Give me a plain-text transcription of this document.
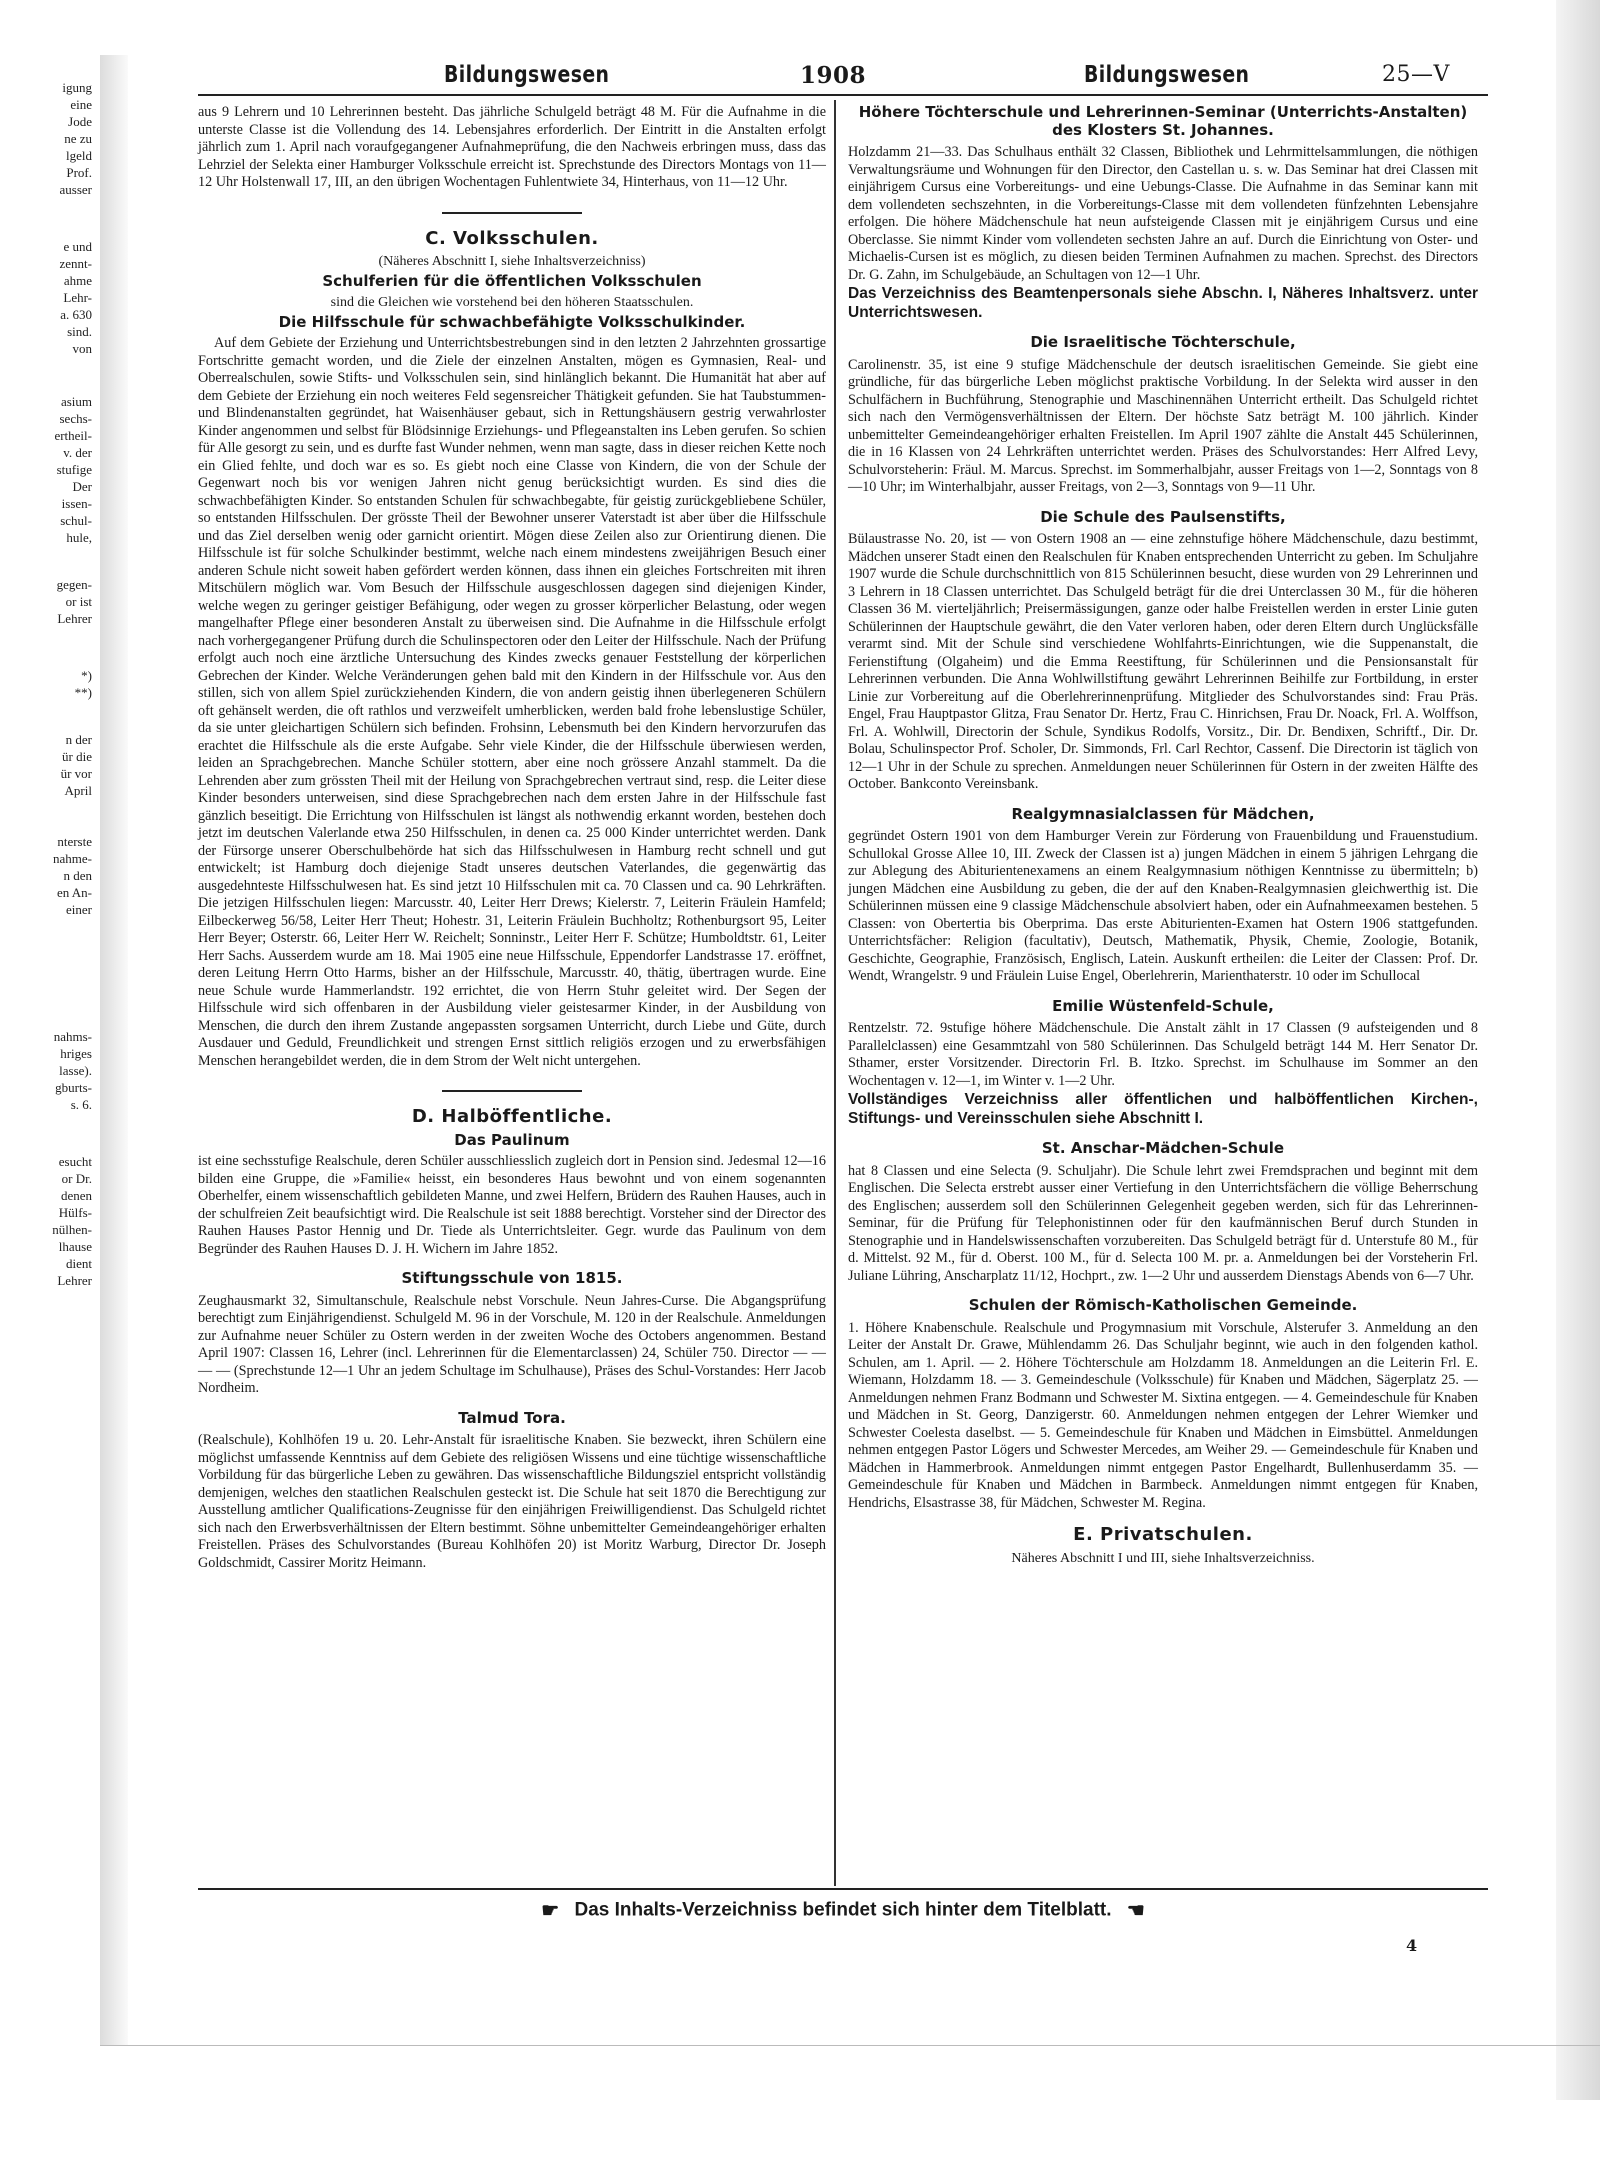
igung
eine
Jode
ne zu
lgeld
Prof.
ausser
e und
zennt-
ahme
Lehr-
a. 630
sind.
von
asium
sechs-
ertheil-
v. der
stufige
Der
issen-
schul-
hule,
gegen-
or ist
Lehrer
*)
**)
n der
ür die
ür vor
April
nterste
nahme-
n den
en An-
einer
nahms-
hriges
lasse).
gburts-
s. 6.
esucht
or Dr.
denen
Hülfs-
nülhen-
lhause
dient
Lehrer
Bildungswesen	1908	Bildungswesen	25—V

aus 9 Lehrern und 10 Lehrerinnen besteht. Das jährliche Schulgeld beträgt 48 M. Für die Aufnahme in die unterste Classe ist die Vollendung des 14. Lebensjahres erforderlich. Der Eintritt in die Anstalten erfolgt jährlich zum 1. April nach voraufgegangener Aufnahmeprüfung, die den Nachweis erbringen muss, dass das Lehrziel der Selekta einer Hamburger Volksschule erreicht ist. Sprechstunde des Directors Montags von 11—12 Uhr Holstenwall 17, III, an den übrigen Wochentagen Fuhlentwiete 34, Hinterhaus, von 11—12 Uhr.

C. Volksschulen.
(Näheres Abschnitt I, siehe Inhaltsverzeichniss)
Schulferien für die öffentlichen Volksschulen
sind die Gleichen wie vorstehend bei den höheren Staatsschulen.
Die Hilfsschule für schwachbefähigte Volksschulkinder.

Auf dem Gebiete der Erziehung und Unterrichtsbestrebungen sind in den letzten 2 Jahrzehnten grossartige Fortschritte gemacht worden, und die Ziele der einzelnen Anstalten, mögen es Gymnasien, Real- und Oberrealschulen, sowie Stifts- und Volksschulen sein, sind hinlänglich bekannt. Die Humanität hat aber auf dem Gebiete der Erziehung ein noch weiteres Feld segensreicher Thätigkeit gefunden. Sie hat Taubstummen- und Blindenanstalten gegründet, hat Waisenhäuser gebaut, sich in Rettungshäusern gestrig verwahrloster Kinder angenommen und selbst für Blödsinnige Erziehungs- und Pflegeanstalten ins Leben gerufen. So schien für Alle gesorgt zu sein, und es durfte fast Wunder nehmen, wenn man sagte, dass in dieser reichen Kette noch ein Glied fehlte, und doch war es so. Es giebt noch eine Classe von Kindern, die von der Schule der Gegenwart noch bis vor wenigen Jahren nicht genug berücksichtigt wurden. Es sind dies die schwachbefähigten Kinder. So entstanden Schulen für schwachbegabte, für geistig zurückgebliebene Schüler, so entstanden Hilfsschulen. Der grösste Theil der Bewohner unserer Vaterstadt ist aber über die Hilfsschule und das Ziel derselben wenig oder garnicht orientirt. Mögen diese Zeilen also zur Orientirung dienen. Die Hilfsschule ist für solche Schulkinder bestimmt, welche nach einem mindestens zweijährigen Besuch einer anderen Schule nicht soweit haben gefördert werden können, dass ihnen ein gleiches Fortschreiten mit ihren Mitschülern möglich war. Vom Besuch der Hilfsschule ausgeschlossen dagegen sind diejenigen Kinder, welche wegen zu geringer geistiger Befähigung, oder wegen zu grosser körperlicher Belastung, oder wegen mangelhafter Pflege einer besonderen Anstalt zu überweisen sind. Die Aufnahme in die Hilfsschule erfolgt nach vorhergegangener Prüfung durch die Schulinspectoren oder den Leiter der Hilfsschule. Nach der Prüfung erfolgt auch noch eine ärztliche Untersuchung des Kindes zwecks genauer Feststellung der körperlichen Gebrechen der Kinder. Welche Veränderungen gehen bald mit den Kindern in der Hilfsschule vor. Aus den stillen, sich von allem Spiel zurückziehenden Kindern, die von andern geistig ihnen überlegeneren Schülern oft gehänselt werden, die oft rathlos und verzweifelt umherblicken, werden bald frohe lebenslustige Schüler, da sie unter gleichartigen Schülern sich befinden. Frohsinn, Lebensmuth bei den Kindern hervorzurufen das erachtet die Hilfsschule als die erste Aufgabe. Sehr viele Kinder, die der Hilfsschule überwiesen werden, leiden an Sprachgebrechen. Manche Schüler stottern, aber eine noch grössere Anzahl stammelt. Da die Lehrenden aber zum grössten Theil mit der Heilung von Sprachgebrechen vertraut sind, resp. die Leiter diese Kinder besonders unterweisen, sind diese Sprachgebrechen nach dem ersten Jahre in der Hilfsschule fast gänzlich beseitigt. Die Errichtung von Hilfsschulen ist längst als nothwendig erkannt worden, bestehen doch jetzt im deutschen Valerlande etwa 250 Hilfsschulen, in denen ca. 25 000 Kinder unterrichtet werden. Dank der Fürsorge unserer Oberschulbehörde hat sich das Hilfsschulwesen in Hamburg recht schnell und gut entwickelt; ist Hamburg doch diejenige Stadt unseres deutschen Vaterlandes, die gegenwärtig das ausgedehnteste Hilfsschulwesen hat. Es sind jetzt 10 Hilfsschulen mit ca. 70 Classen und ca. 90 Lehrkräften. Die jetzigen Hilfsschulen liegen: Marcusstr. 40, Leiter Herr Drews; Kielerstr. 7, Leiterin Fräulein Hamfeld; Eilbeckerweg 56/58, Leiter Herr Theut; Hohestr. 31, Leiterin Fräulein Buchholtz; Rothenburgsort 95, Leiter Herr Beyer; Osterstr. 66, Leiter Herr W. Reichelt; Sonninstr., Leiter Herr F. Schütze; Humboldtstr. 61, Leiter Herr Sachs. Ausserdem wurde am 18. Mai 1905 eine neue Hilfsschule, Eppendorfer Landstrasse 17. eröffnet, deren Leitung Herrn Otto Harms, bisher an der Hilfsschule, Marcusstr. 40, thätig, übertragen wurde. Eine neue Schule wurde Hammerlandstr. 192 errichtet, die von Herrn Stuhr geleitet wird. Der Segen der Hilfsschule wird sich offenbaren in der Ausbildung vieler geistesarmer Kinder, in der Ausbildung von Menschen, die durch den ihrem Zustande angepassten sorgsamen Unterricht, durch Liebe und Güte, durch Ausdauer und Geduld, Freundlichkeit und strengen Ernst sittlich religiös erzogen und zu erwerbsfähigen Menschen herangebildet werden, die in dem Strom der Welt nicht untergehen.

D. Halböffentliche.
Das Paulinum

ist eine sechsstufige Realschule, deren Schüler ausschliesslich zugleich dort in Pension sind. Jedesmal 12—16 bilden eine Gruppe, die »Familie« heisst, ein besonderes Haus bewohnt und von einem sogenannten Oberhelfer, einem wissenschaftlich gebildeten Manne, und zwei Helfern, Brüdern des Rauhen Hauses, auch in der schulfreien Zeit beaufsichtigt wird. Die Realschule ist seit 1888 berechtigt. Vorsteher sind der Director des Rauhen Hauses Pastor Hennig und Dr. Tiede als Unterrichtsleiter. Gegr. wurde das Paulinum von dem Begründer des Rauhen Hauses D. J. H. Wichern im Jahre 1852.

Stiftungsschule von 1815.

Zeughausmarkt 32, Simultanschule, Realschule nebst Vorschule. Neun Jahres-Curse. Die Abgangsprüfung berechtigt zum Einjährigendienst. Schulgeld M. 96 in der Vorschule, M. 120 in der Realschule. Anmeldungen zur Aufnahme neuer Schüler zu Ostern werden in der zweiten Woche des Octobers angenommen. Bestand April 1907: Classen 16, Lehrer (incl. Lehrerinnen für die Elementarclassen) 24, Schüler 750. Director — — — — (Sprechstunde 12—1 Uhr an jedem Schultage im Schulhause), Präses des Schul-Vorstandes: Herr Jacob Nordheim.

Talmud Tora.

(Realschule), Kohlhöfen 19 u. 20. Lehr-Anstalt für israelitische Knaben. Sie bezweckt, ihren Schülern eine möglichst umfassende Kenntniss auf dem Gebiete des religiösen Wissens und eine tüchtige wissenschaftliche Vorbildung für das bürgerliche Leben zu gewähren. Das wissenschaftliche Bildungsziel entspricht vollständig demjenigen, welches den staatlichen Realschulen gesteckt ist. Die Schule hat seit 1870 die Berechtigung zur Ausstellung amtlicher Qualifications-Zeugnisse für den einjährigen Freiwilligendienst. Das Schulgeld richtet sich nach den Erwerbsverhältnissen der Eltern bestimmt. Söhne unbemittelter Gemeindeangehöriger erhalten Freistellen. Präses des Schulvorstandes (Bureau Kohlhöfen 20) ist Moritz Warburg, Director Dr. Joseph Goldschmidt, Cassirer Moritz Heimann.

Höhere Töchterschule und Lehrerinnen-Seminar (Unterrichts-Anstalten) des Klosters St. Johannes.

Holzdamm 21—33. Das Schulhaus enthält 32 Classen, Bibliothek und Lehrmittelsammlungen, die nöthigen Verwaltungsräume und Wohnungen für den Director, den Castellan u. s. w. Das Seminar hat drei Classen mit einjährigem Cursus eine Vorbereitungs- und eine Uebungs-Classe. Die Aufnahme in das Seminar kann mit dem vollendeten sechszehnten, in die Vorbereitungs-Classe mit dem vollendeten fünfzehnten Lebensjahre erfolgen. Die höhere Mädchenschule hat neun aufsteigende Classen mit je einjährigem Cursus und eine Oberclasse. Sie nimmt Kinder vom vollendeten sechsten Jahre an auf. Durch die Einrichtung von Oster- und Michaelis-Cursen ist es möglich, zu diesen beiden Terminen Aufnahmen zu machen. Sprechst. des Directors Dr. G. Zahn, im Schulgebäude, an Schultagen von 12—1 Uhr.

Das Verzeichniss des Beamtenpersonals siehe Abschn. I, Näheres Inhaltsverz. unter Unterrichtswesen.

Die Israelitische Töchterschule,

Carolinenstr. 35, ist eine 9 stufige Mädchenschule der deutsch israelitischen Gemeinde. Sie giebt eine gründliche, für das bürgerliche Leben möglichst praktische Vorbildung. In der Selekta wird ausser in den Schulfächern in Buchführung, Stenographie und Maschinennähen Unterricht ertheilt. Das Schulgeld richtet sich nach den Vermögensverhältnissen der Eltern. Der höchste Satz beträgt M. 100 jährlich. Kinder unbemittelter Gemeindeangehöriger erhalten Freistellen. Im April 1907 zählte die Anstalt 445 Schülerinnen, die in 16 Klassen von 24 Lehrkräften unterrichtet werden. Präses des Schulvorstandes: Herr Alfred Levy, Schulvorsteherin: Fräul. M. Marcus. Sprechst. im Sommerhalbjahr, ausser Freitags von 1—2, Sonntags von 8—10 Uhr; im Winterhalbjahr, ausser Freitags, von 2—3, Sonntags von 9—11 Uhr.

Die Schule des Paulsenstifts,

Bülaustrasse No. 20, ist — von Ostern 1908 an — eine zehnstufige höhere Mädchenschule, dazu bestimmt, Mädchen unserer Stadt einen den Realschulen für Knaben entsprechenden Unterricht zu geben. Im Schuljahre 1907 wurde die Schule durchschnittlich von 815 Schülerinnen besucht, diese wurden von 29 Lehrerinnen und 3 Lehrern in 18 Classen unterrichtet. Das Schulgeld beträgt für die drei Unterclassen 30 M., für die höheren Classen 36 M. vierteljährlich; Preisermässigungen, ganze oder halbe Freistellen werden in erster Linie guten Schülerinnen der Hauptschule gewährt, die den Vater verloren haben, oder deren Eltern durch Unglücksfälle verarmt sind. Mit der Schule sind verschiedene Wohlfahrts-Einrichtungen, wie die Suppenanstalt, die Ferienstiftung (Olgaheim) und die Emma Reestiftung, für Schülerinnen und die Pensionsanstalt für Lehrerinnen verbunden. Die Anna Wohlwillstiftung gewährt Lehrerinnen Beihilfe zur Fortbildung, in erster Linie zur Vorbereitung auf die Oberlehrerinnenprüfung. Mitglieder des Schulvorstandes sind: Frau Präs. Engel, Frau Hauptpastor Glitza, Frau Senator Dr. Hertz, Frau C. Hinrichsen, Frau Dr. Noack, Frl. A. Wolffson, Frl. A. Wohlwill, Directorin der Schule, Syndikus Rodolfs, Vorsitz., Dir. Dr. Bendixen, Schriftf., Dir. Dr. Bolau, Schulinspector Prof. Scholer, Dr. Simmonds, Frl. Carl Rechtor, Cassenf. Die Directorin ist täglich von 12—1 Uhr in der Schule zu sprechen. Anmeldungen neuer Schülerinnen für Ostern in der zweiten Hälfte des October. Bankconto Vereinsbank.

Realgymnasialclassen für Mädchen,

gegründet Ostern 1901 von dem Hamburger Verein zur Förderung von Frauenbildung und Frauenstudium. Schullokal Grosse Allee 10, III. Zweck der Classen ist a) jungen Mädchen in einem 5 jährigen Lehrgang die zur Ablegung des Abiturientenexamens an einem Realgymnasium nöthigen Kenntnisse zu übermitteln; b) jungen Mädchen eine Ausbildung zu geben, die der auf den Knaben-Realgymnasien gleichwerthig ist. Die Schülerinnen müssen eine 9 classige Mädchenschule absolviert haben, oder ein Aufnahmeexamen bestehen. 5 Classen: von Obertertia bis Oberprima. Das erste Abiturienten-Examen hat Ostern 1906 stattgefunden. Unterrichtsfächer: Religion (facultativ), Deutsch, Mathematik, Physik, Chemie, Zoologie, Botanik, Geschichte, Geographie, Französisch, Englisch, Latein. Auskunft ertheilen: die Leiter der Classen: Prof. Dr. Wendt, Wrangelstr. 9 und Fräulein Luise Engel, Oberlehrerin, Marienthaterstr. 10 oder im Schullocal

Emilie Wüstenfeld-Schule,

Rentzelstr. 72. 9stufige höhere Mädchenschule. Die Anstalt zählt in 17 Classen (9 aufsteigenden und 8 Parallelclassen) eine Gesammtzahl von 580 Schülerinnen. Das Schulgeld beträgt 144 M. Herr Senator Dr. Sthamer, erster Vorsitzender. Directorin Frl. B. Itzko. Sprechst. im Schulhause im Sommer an den Wochentagen v. 12—1, im Winter v. 1—2 Uhr.

Vollständiges Verzeichniss aller öffentlichen und halböffentlichen Kirchen-, Stiftungs- und Vereinsschulen siehe Abschnitt I.

St. Anschar-Mädchen-Schule

hat 8 Classen und eine Selecta (9. Schuljahr). Die Schule lehrt zwei Fremdsprachen und beginnt mit dem Englischen. Die Selecta erstrebt ausser einer Vertiefung in den Unterrichtsfächern die völlige Beherrschung des Englischen; ausserdem soll den Schülerinnen Gelegenheit gegeben werden, sich für das Lehrerinnen-Seminar, für die Prüfung für Telephonistinnen oder für den kaufmännischen Beruf durch Stunden in Stenographie und in Handelswissenschaften vorzubereiten. Das Schulgeld beträgt für d. Unterstufe 80 M., für d. Mittelst. 92 M., für d. Oberst. 100 M., für d. Selecta 100 M. pr. a. Anmeldungen bei der Vorsteherin Frl. Juliane Lühring, Anscharplatz 11/12, Hochprt., zw. 1—2 Uhr und ausserdem Dienstags Abends von 6—7 Uhr.

Schulen der Römisch-Katholischen Gemeinde.

1. Höhere Knabenschule. Realschule und Progymnasium mit Vorschule, Alsterufer 3. Anmeldung an den Leiter der Anstalt Dr. Grawe, Mühlendamm 26. Das Schuljahr beginnt, wie auch in den folgenden kathol. Schulen, am 1. April. — 2. Höhere Töchterschule am Holzdamm 18. Anmeldungen an die Leiterin Frl. E. Wiemann, Holzdamm 18. — 3. Gemeindeschule (Volksschule) für Knaben und Mädchen, Sägerplatz 25. — Anmeldungen nehmen Franz Bodmann und Schwester M. Sixtina entgegen. — 4. Gemeindeschule für Knaben und Mädchen in St. Georg, Danzigerstr. 60. Anmeldungen nehmen entgegen der Lehrer Wiemker und Schwester Coelesta daselbst. — 5. Gemeindeschule für Knaben und Mädchen in Eimsbüttel. Anmeldungen nehmen entgegen Pastor Lögers und Schwester Mercedes, am Weiher 29. — Gemeindeschule für Knaben und Mädchen in Hammerbrook. Anmeldungen nimmt entgegen Pastor Engelhardt, Bullenhuserdamm 35. — Gemeindeschule für Knaben und Mädchen in Barmbeck. Anmeldungen nimmt entgegen für Knaben, Hendrichs, Elsastrasse 38, für Mädchen, Schwester M. Regina.

E. Privatschulen.
Näheres Abschnitt I und III, siehe Inhaltsverzeichniss.
☛ Das Inhalts-Verzeichniss befindet sich hinter dem Titelblatt. ☚
4
